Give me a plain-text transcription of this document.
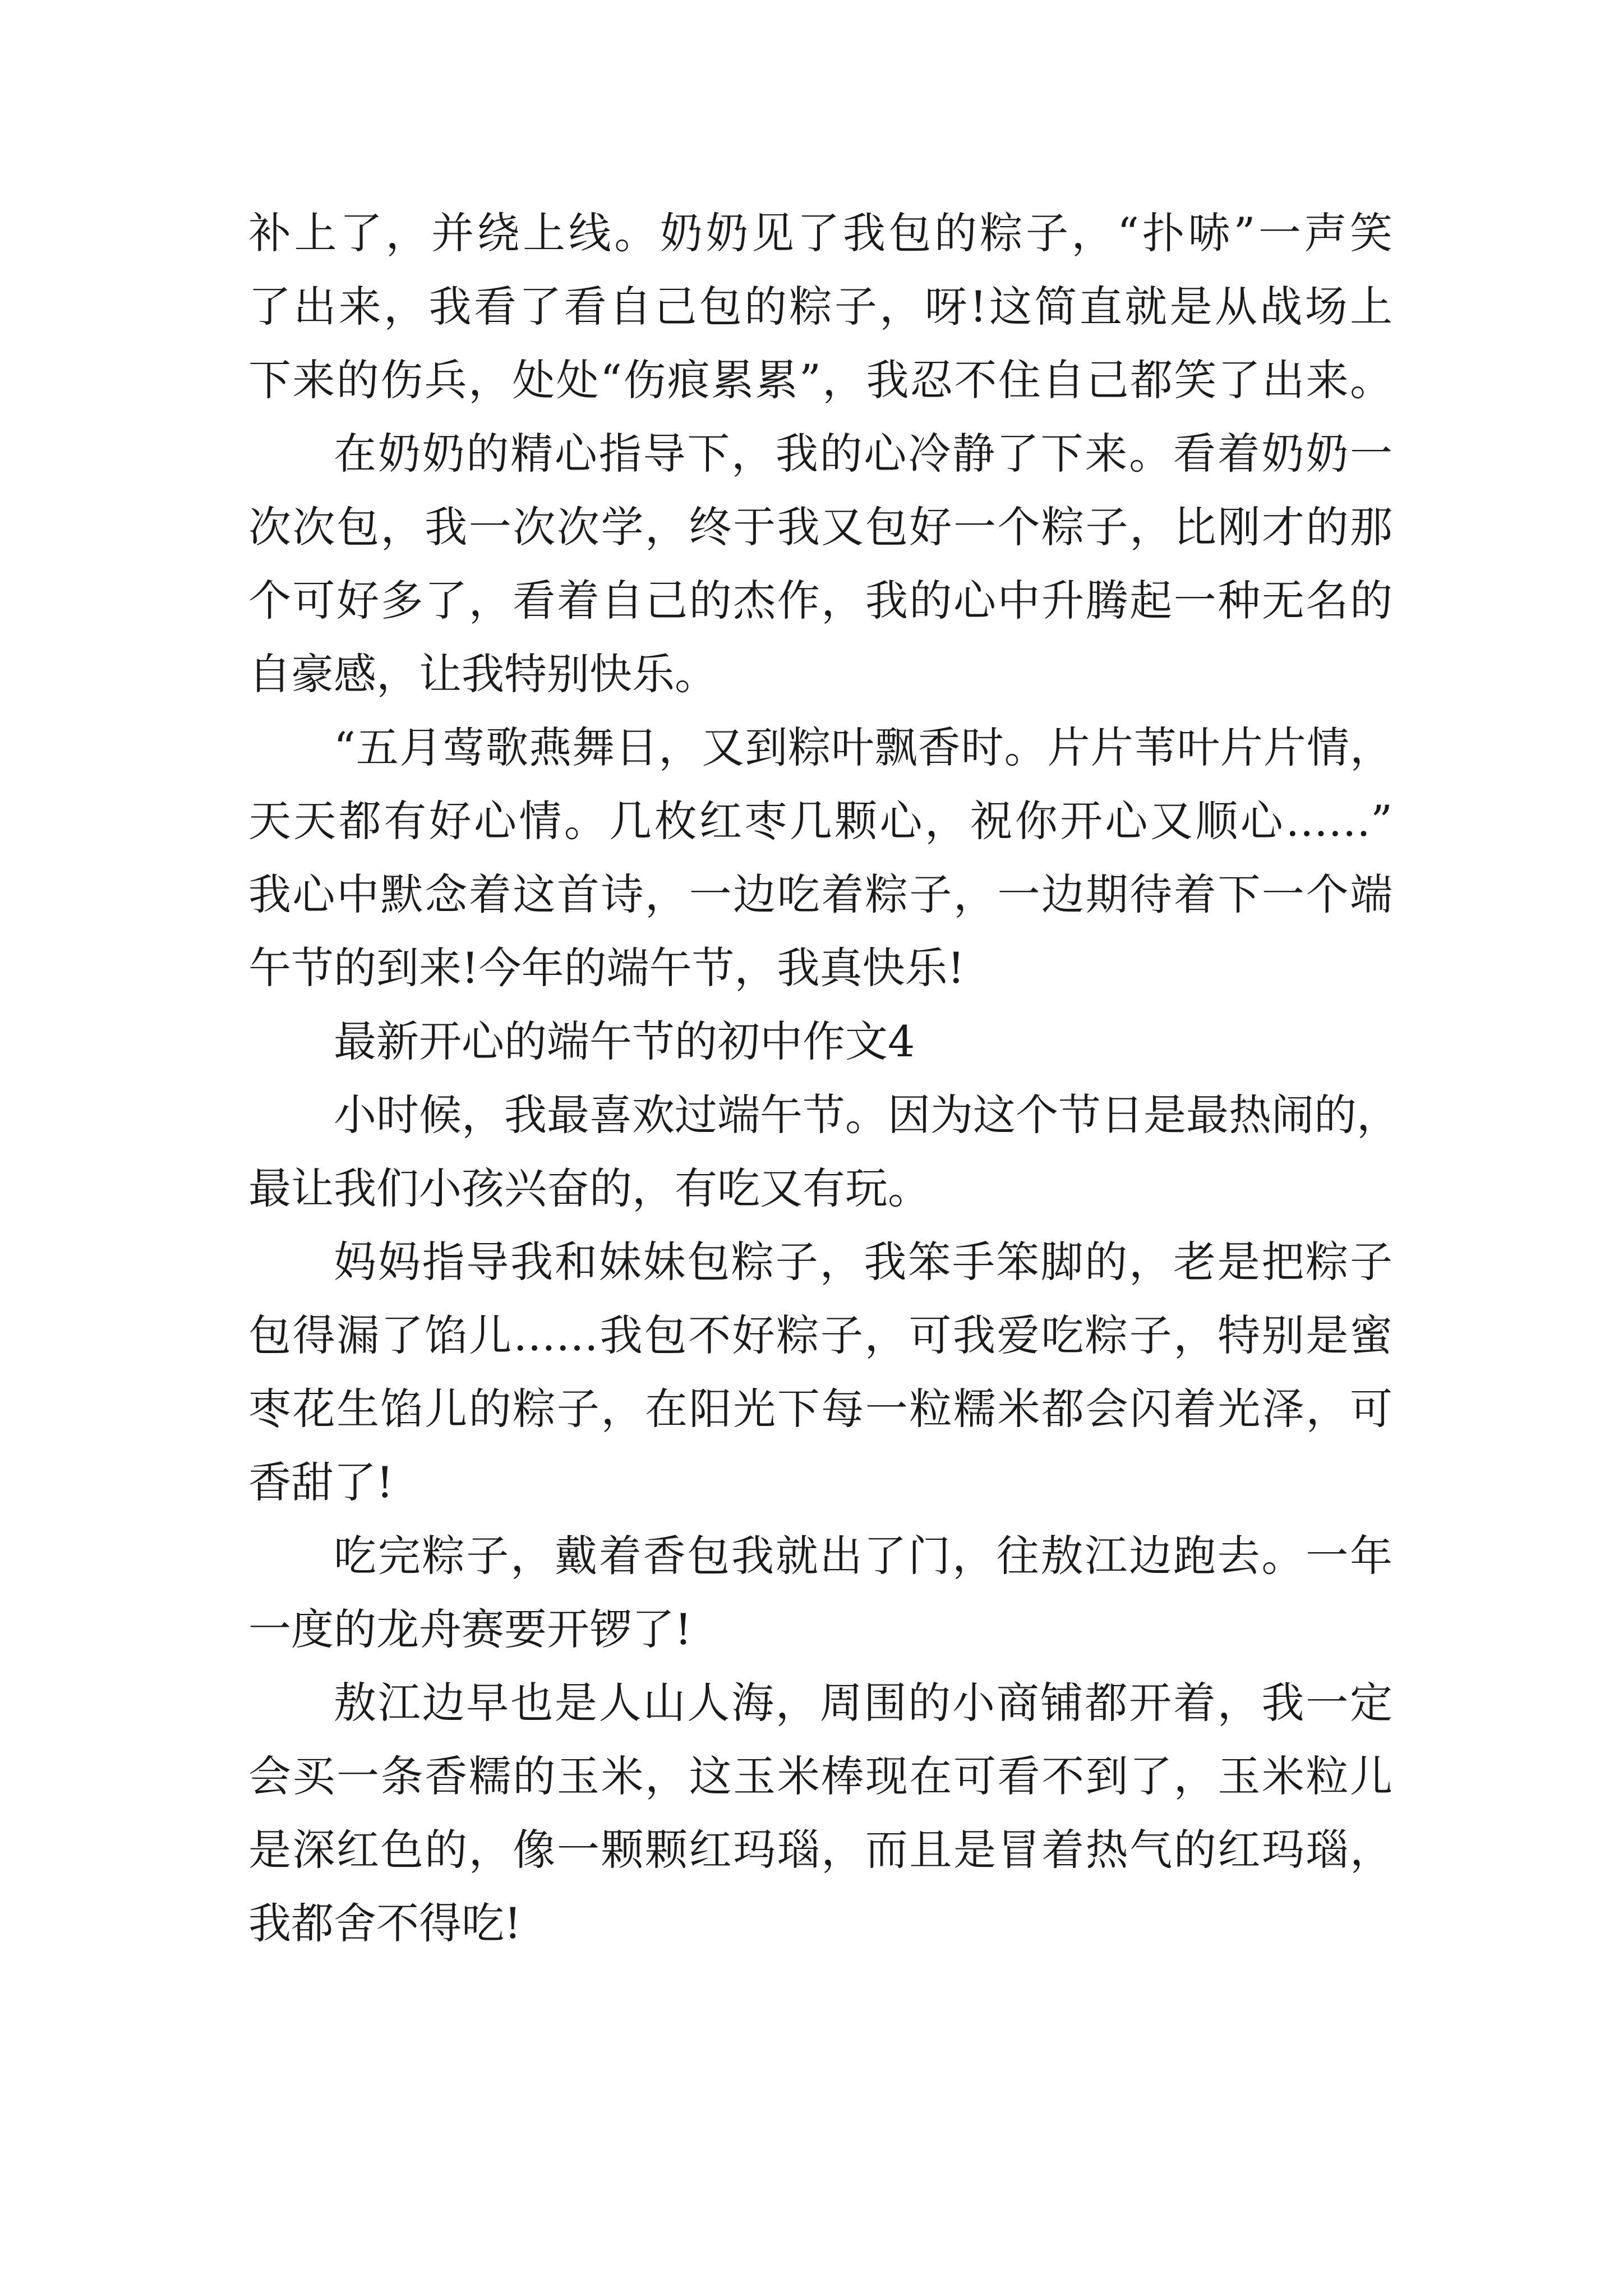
补上了，并绕上线。奶奶见了我包的粽子，“扑哧”一声笑
了出来，我看了看自己包的粽子，呀!这简直就是从战场上
下来的伤兵，处处“伤痕累累”，我忍不住自己都笑了出来。
在奶奶的精心指导下，我的心冷静了下来。看着奶奶一
次次包，我一次次学，终于我又包好一个粽子，比刚才的那
个可好多了，看着自己的杰作，我的心中升腾起一种无名的
自豪感，让我特别快乐。
“五月莺歌燕舞日，又到粽叶飘香时。片片苇叶片片情，
天天都有好心情。几枚红枣几颗心，祝你开心又顺心……”
我心中默念着这首诗，一边吃着粽子，一边期待着下一个端
午节的到来!今年的端午节，我真快乐!
最新开心的端午节的初中作文4
小时候，我最喜欢过端午节。因为这个节日是最热闹的，
最让我们小孩兴奋的，有吃又有玩。
妈妈指导我和妹妹包粽子，我笨手笨脚的，老是把粽子
包得漏了馅儿……我包不好粽子，可我爱吃粽子，特别是蜜
枣花生馅儿的粽子，在阳光下每一粒糯米都会闪着光泽，可
香甜了!
吃完粽子，戴着香包我就出了门，往敖江边跑去。一年
一度的龙舟赛要开锣了!
敖江边早也是人山人海，周围的小商铺都开着，我一定
会买一条香糯的玉米，这玉米棒现在可看不到了，玉米粒儿
是深红色的，像一颗颗红玛瑙，而且是冒着热气的红玛瑙，
我都舍不得吃!
